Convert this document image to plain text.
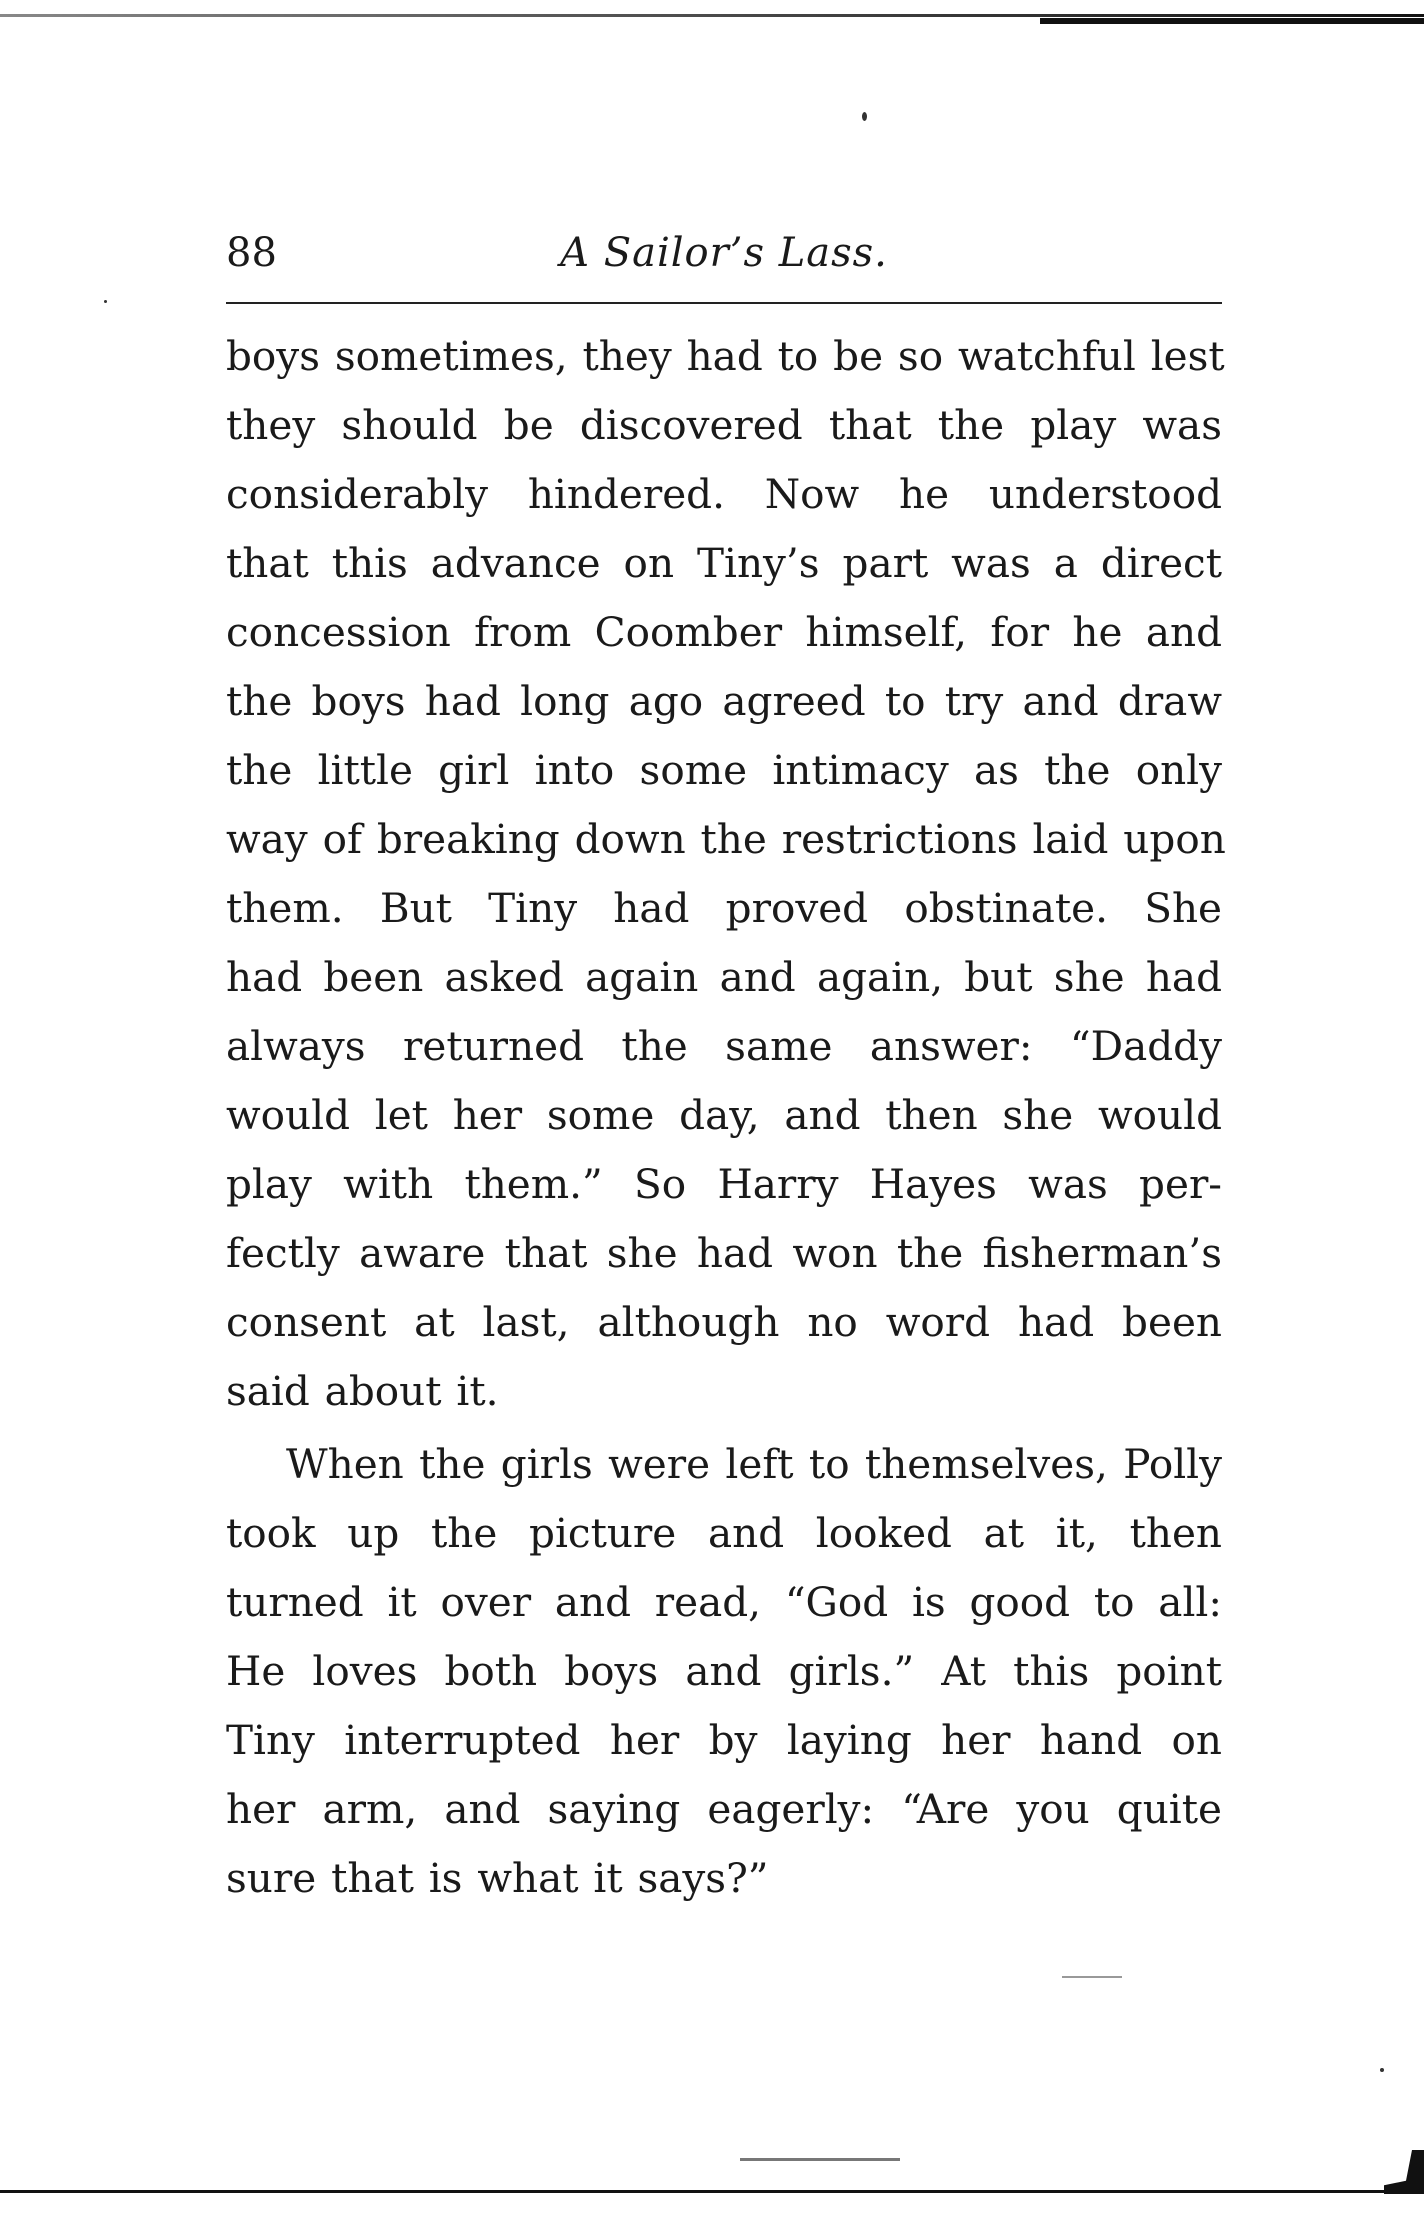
88	A Sailor’s Lass.
boys sometimes, they had to be so watchful lest
they should be discovered that the play was
considerably hindered. Now he understood
that this advance on Tiny’s part was a direct
concession from Coomber himself, for he and
the boys had long ago agreed to try and draw
the little girl into some intimacy as the only
way of breaking down the restrictions laid upon
them. But Tiny had proved obstinate. She
had been asked again and again, but she had
always returned the same answer: “Daddy
would let her some day, and then she would
play with them.” So Harry Hayes was per-
fectly aware that she had won the fisherman’s
consent at last, although no word had been
said about it.
When the girls were left to themselves, Polly
took up the picture and looked at it, then
turned it over and read, “God is good to all:
He loves both boys and girls.” At this point
Tiny interrupted her by laying her hand on
her arm, and saying eagerly: “Are you quite
sure that is what it says?”
